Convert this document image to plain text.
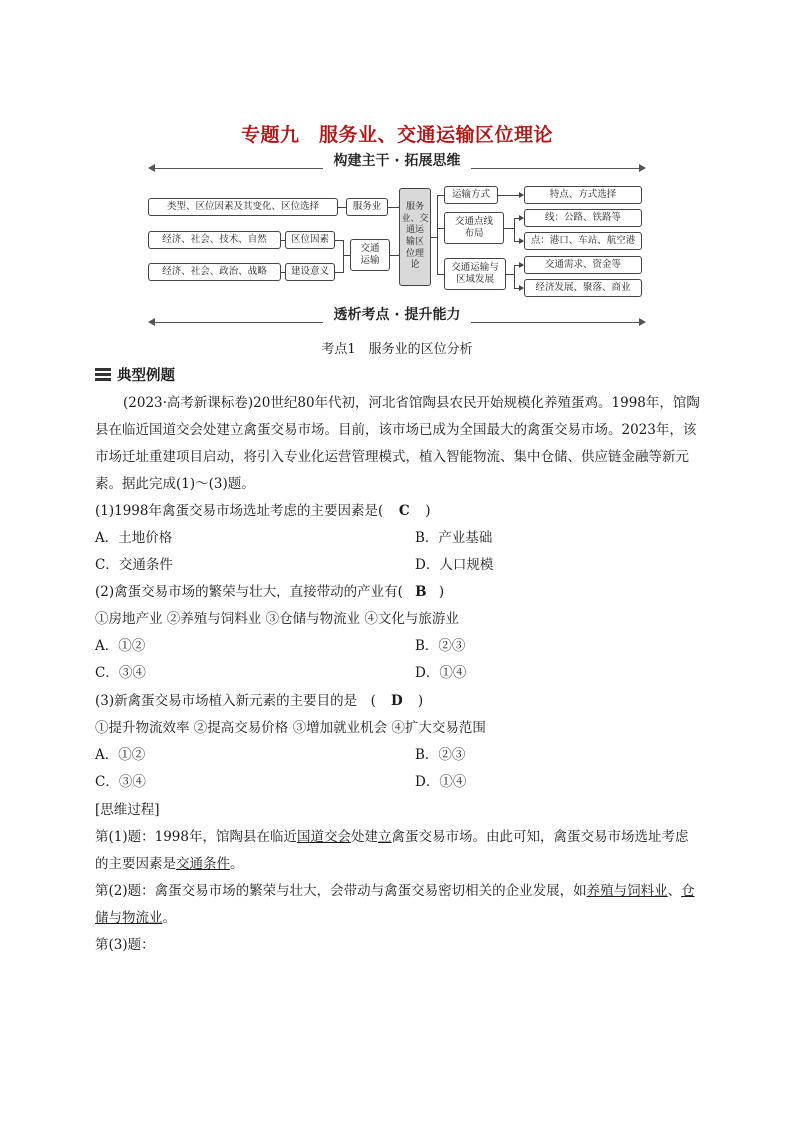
专题九　服务业、交通运输区位理论
构建主干 · 拓展思维
类型、区位因素及其变化、区位选择
经济、社会、技术、自然
经济、社会、政治、战略
服务业
区位因素
建设意义
交通
运输
服务
业、交
通运
输区
位理
论
运输方式
交通点线
布局
交通运输与
区域发展
特点、方式选择
线：公路、铁路等
点：港口、车站、航空港
交通需求、资金等
经济发展、聚落、商业
透析考点 · 提升能力
考点1　服务业的区位分析
典型例题
(2023·高考新课标卷)20世纪80年代初，河北省馆陶县农民开始规模化养殖蛋鸡。1998年，馆陶县在临近国道交会处建立禽蛋交易市场。目前，该市场已成为全国最大的禽蛋交易市场。2023年，该市场迁址重建项目启动，将引入专业化运营管理模式，植入智能物流、集中仓储、供应链金融等新元素。据此完成(1)～(3)题。
(1)1998年禽蛋交易市场选址考虑的主要因素是( C )
A．土地价格	B．产业基础
C．交通条件	D．人口规模
(2)禽蛋交易市场的繁荣与壮大，直接带动的产业有( B )
①房地产业 ②养殖与饲料业 ③仓储与物流业 ④文化与旅游业
A．①②	B．②③
C．③④	D．①④
(3)新禽蛋交易市场植入新元素的主要目的是　( D )
①提升物流效率 ②提高交易价格 ③增加就业机会 ④扩大交易范围
A．①②	B．②③
C．③④	D．①④
[思维过程]
第(1)题：1998年，馆陶县在临近国道交会处建立禽蛋交易市场。由此可知，禽蛋交易市场选址考虑的主要因素是交通条件。
第(2)题：禽蛋交易市场的繁荣与壮大，会带动与禽蛋交易密切相关的企业发展，如养殖与饲料业、仓储与物流业。
第(3)题：
